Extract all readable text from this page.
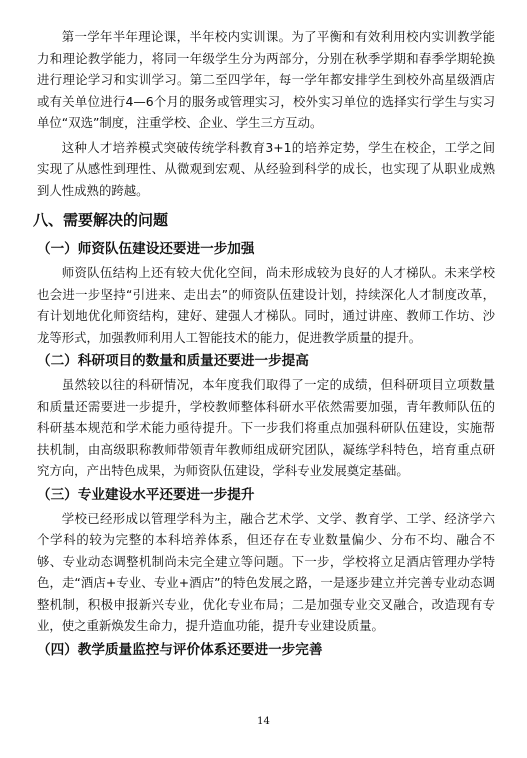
第一学年半年理论课，半年校内实训课。为了平衡和有效利用校内实训教学能力和理论教学能力，将同一年级学生分为两部分，分别在秋季学期和春季学期轮换进行理论学习和实训学习。第二至四学年，每一学年都安排学生到校外高星级酒店或有关单位进行4—6个月的服务或管理实习，校外实习单位的选择实行学生与实习单位“双选”制度，注重学校、企业、学生三方互动。

这种人才培养模式突破传统学科教育3+1的培养定势，学生在校企，工学之间实现了从感性到理性、从微观到宏观、从经验到科学的成长，也实现了从职业成熟到人性成熟的跨越。

八、需要解决的问题
（一）师资队伍建设还要进一步加强

师资队伍结构上还有较大优化空间，尚未形成较为良好的人才梯队。未来学校也会进一步坚持“引进来、走出去”的师资队伍建设计划，持续深化人才制度改革，有计划地优化师资结构，建好、建强人才梯队。同时，通过讲座、教师工作坊、沙龙等形式，加强教师利用人工智能技术的能力，促进教学质量的提升。

（二）科研项目的数量和质量还要进一步提高

虽然较以往的科研情况，本年度我们取得了一定的成绩，但科研项目立项数量和质量还需要进一步提升，学校教师整体科研水平依然需要加强，青年教师队伍的科研基本规范和学术能力亟待提升。下一步我们将重点加强科研队伍建设，实施帮扶机制，由高级职称教师带领青年教师组成研究团队，凝练学科特色，培育重点研究方向，产出特色成果，为师资队伍建设，学科专业发展奠定基础。

（三）专业建设水平还要进一步提升

学校已经形成以管理学科为主，融合艺术学、文学、教育学、工学、经济学六个学科的较为完整的本科培养体系，但还存在专业数量偏少、分布不均、融合不够、专业动态调整机制尚未完全建立等问题。下一步，学校将立足酒店管理办学特色，走“酒店+专业、专业+酒店”的特色发展之路，一是逐步建立并完善专业动态调整机制，积极申报新兴专业，优化专业布局；二是加强专业交叉融合，改造现有专业，使之重新焕发生命力，提升造血功能，提升专业建设质量。

（四）教学质量监控与评价体系还要进一步完善
14
